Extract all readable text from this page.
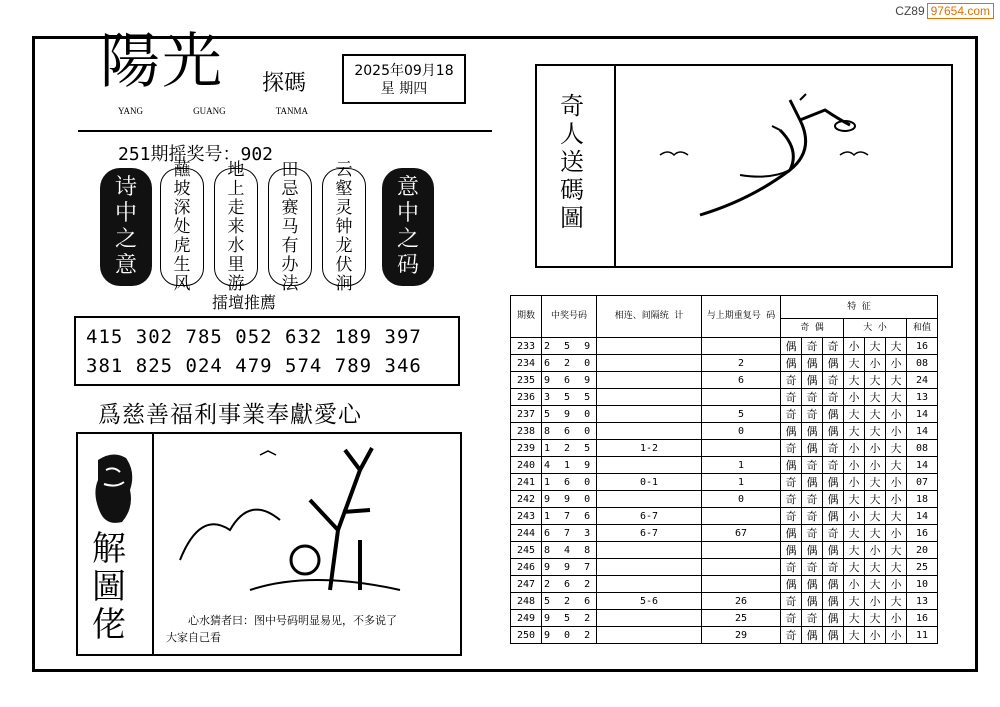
CZ89 97654.com
陽光 探碼
YANG	GUANG	TANMA
2025年09月18
星 期四
251期摇奖号：902
诗
中
之
意
蘸
坡
深
处
虎
生
风
地
上
走
来
水
里
游
田
忌
赛
马
有
办
法
云
壑
灵
钟
龙
伏
涧
意
中
之
码
擂壇推薦
415 302 785 052 632 189 397
381 825 024 479 574 789 346
爲慈善福利事業奉獻愛心
解
圖
佬	心水猜者曰：图中号码明显易见，不多说了
大家自己看
奇
人
送
碼
圖
期数	中奖号码	相连、间隔统 计	与上期重复号 码	特 征						
				奇 偶			大 小			和值
233	2 5 9			偶	奇	奇	小	大	大	16
234	6 2 0		2	偶	偶	偶	大	小	小	08
235	9 6 9		6	奇	偶	奇	大	大	大	24
236	3 5 5			奇	奇	奇	小	大	大	13
237	5 9 0		5	奇	奇	偶	大	大	小	14
238	8 6 0		0	偶	偶	偶	大	大	小	14
239	1 2 5	1-2		奇	偶	奇	小	小	大	08
240	4 1 9		1	偶	奇	奇	小	小	大	14
241	1 6 0	0-1	1	奇	偶	偶	小	大	小	07
242	9 9 0		0	奇	奇	偶	大	大	小	18
243	1 7 6	6-7		奇	奇	偶	小	大	大	14
244	6 7 3	6-7	67	偶	奇	奇	大	大	小	16
245	8 4 8			偶	偶	偶	大	小	大	20
246	9 9 7			奇	奇	奇	大	大	大	25
247	2 6 2			偶	偶	偶	小	大	小	10
248	5 2 6	5-6	26	奇	偶	偶	大	小	大	13
249	9 5 2		25	奇	奇	偶	大	大	小	16
250	9 0 2		29	奇	偶	偶	大	小	小	11
